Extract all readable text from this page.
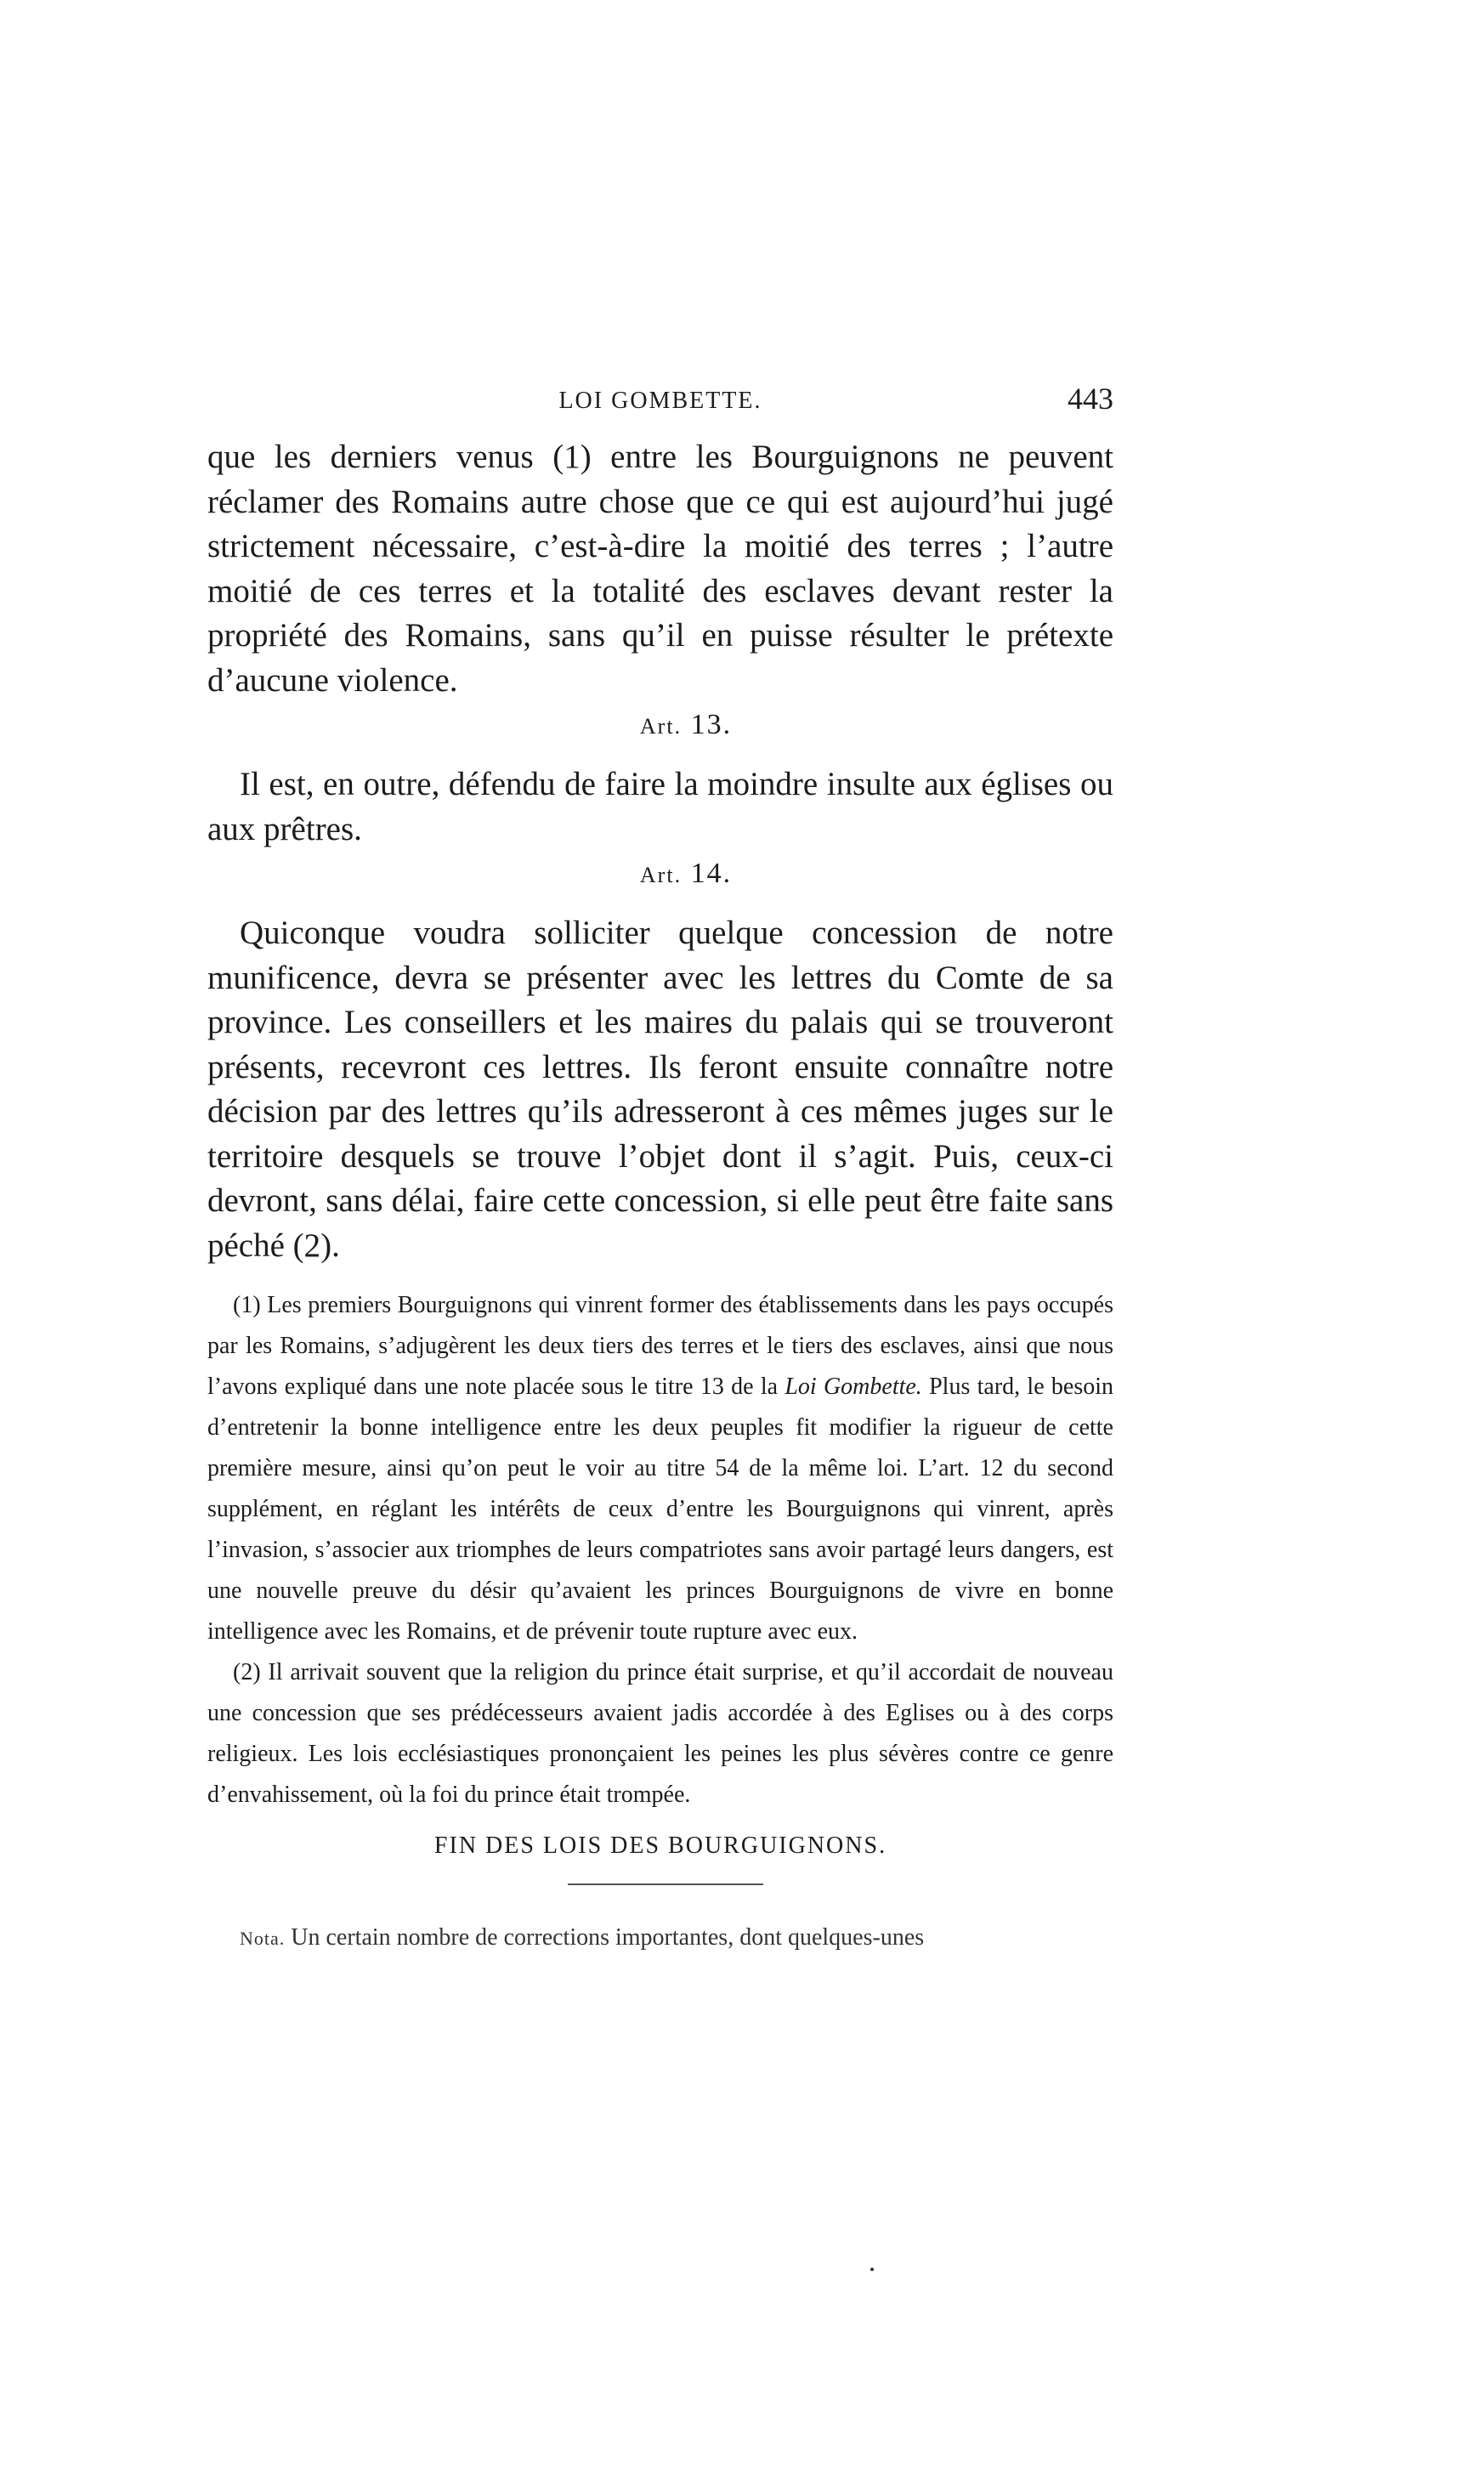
LOI GOMBETTE.	443

que les derniers venus (1) entre les Bourguignons ne peuvent réclamer des Romains autre chose que ce qui est aujourd’hui jugé strictement nécessaire, c’est-à-dire la moitié des terres ; l’autre moitié de ces terres et la totalité des esclaves devant rester la propriété des Romains, sans qu’il en puisse résulter le prétexte d’aucune violence.

Art. 13.

Il est, en outre, défendu de faire la moindre insulte aux églises ou aux prêtres.

Art. 14.

Quiconque voudra solliciter quelque concession de notre munificence, devra se présenter avec les lettres du Comte de sa province. Les conseillers et les maires du palais qui se trouveront présents, recevront ces lettres. Ils feront ensuite connaître notre décision par des lettres qu’ils adresseront à ces mêmes juges sur le territoire desquels se trouve l’objet dont il s’agit. Puis, ceux-ci devront, sans délai, faire cette concession, si elle peut être faite sans péché (2).

(1) Les premiers Bourguignons qui vinrent former des établissements dans les pays occupés par les Romains, s’adjugèrent les deux tiers des terres et le tiers des esclaves, ainsi que nous l’avons expliqué dans une note placée sous le titre 13 de la Loi Gombette. Plus tard, le besoin d’entretenir la bonne intelligence entre les deux peuples fit modifier la rigueur de cette première mesure, ainsi qu’on peut le voir au titre 54 de la même loi. L’art. 12 du second supplément, en réglant les intérêts de ceux d’entre les Bourguignons qui vinrent, après l’invasion, s’associer aux triomphes de leurs compatriotes sans avoir partagé leurs dangers, est une nouvelle preuve du désir qu’avaient les princes Bourguignons de vivre en bonne intelligence avec les Romains, et de prévenir toute rupture avec eux.

(2) Il arrivait souvent que la religion du prince était surprise, et qu’il accordait de nouveau une concession que ses prédécesseurs avaient jadis accordée à des Eglises ou à des corps religieux. Les lois ecclésiastiques prononçaient les peines les plus sévères contre ce genre d’envahissement, où la foi du prince était trompée.

FIN DES LOIS DES BOURGUIGNONS.

Nota. Un certain nombre de corrections importantes, dont quelques-unes
